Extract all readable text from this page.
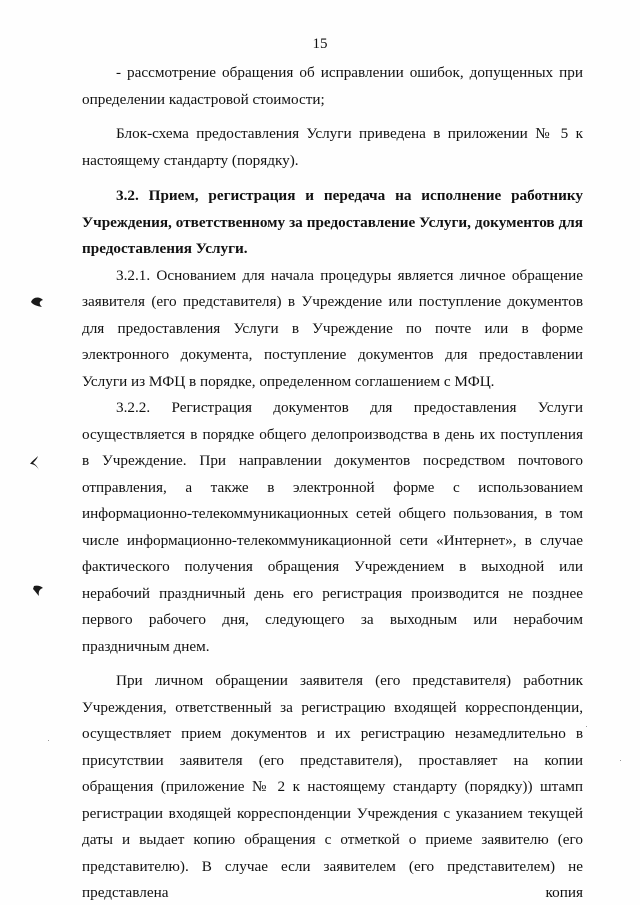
15

- рассмотрение обращения об исправлении ошибок, допущенных при определении кадастровой стоимости;

Блок-схема предоставления Услуги приведена в приложении № 5 к настоящему стандарту (порядку).

3.2. Прием, регистрация и передача на исполнение работнику Учреждения, ответственному за предоставление Услуги, документов для предоставления Услуги.

3.2.1. Основанием для начала процедуры является личное обращение заявителя (его представителя) в Учреждение или поступление документов для предоставления Услуги в Учреждение по почте или в форме электронного документа, поступление документов для предоставлении Услуги из МФЦ в порядке, определенном соглашением с МФЦ.

3.2.2. Регистрация документов для предоставления Услуги осуществляется в порядке общего делопроизводства в день их поступления в Учреждение. При направлении документов посредством почтового отправления, а также в электронной форме с использованием информационно-телекоммуникационных сетей общего пользования, в том числе информационно-телекоммуникационной сети «Интернет», в случае фактического получения обращения Учреждением в выходной или нерабочий праздничный день его регистрация производится не позднее первого рабочего дня, следующего за выходным или нерабочим праздничным днем.

При личном обращении заявителя (его представителя) работник Учреждения, ответственный за регистрацию входящей корреспонденции, осуществляет прием документов и их регистрацию незамедлительно в присутствии заявителя (его представителя), проставляет на копии обращения (приложение № 2 к настоящему стандарту (порядку)) штамп регистрации входящей корреспонденции Учреждения с указанием текущей даты и выдает копию обращения с отметкой о приеме заявителю (его представителю). В случае если заявителем (его представителем) не представлена копия
